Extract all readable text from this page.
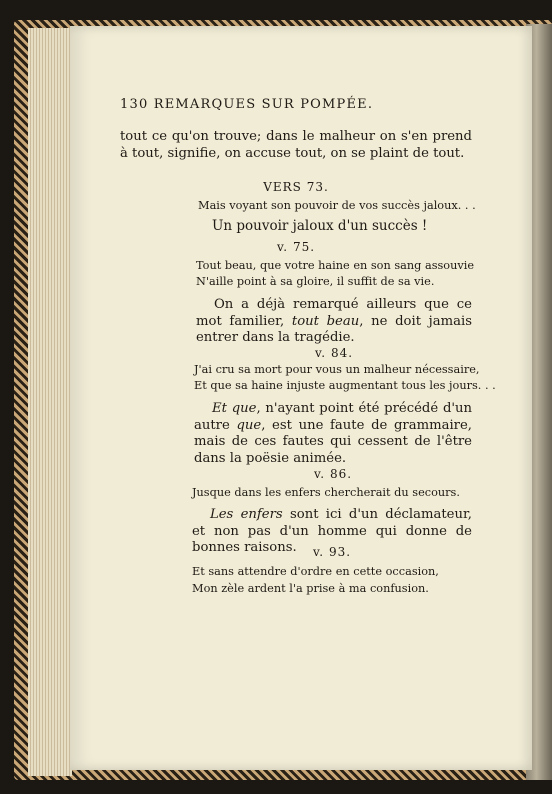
130 REMARQUES SUR POMPÉE.
tout ce qu'on trouve; dans le malheur on s'en prend à tout, signifie, on accuse tout, on se plaint de tout.
VERS 73.
Mais voyant son pouvoir de vos succès jaloux. . .
Un pouvoir jaloux d'un succès !
v. 75.
Tout beau, que votre haine en son sang assouvie
N'aille point à sa gloire, il suffit de sa vie.
On a déjà remarqué ailleurs que ce mot familier, tout beau, ne doit jamais entrer dans la tragédie.
v. 84.
J'ai cru sa mort pour vous un malheur nécessaire,
Et que sa haine injuste augmentant tous les jours. . .
Et que, n'ayant point été précédé d'un autre que, est une faute de grammaire, mais de ces fautes qui cessent de l'être dans la poësie animée.
v. 86.
Jusque dans les enfers chercherait du secours.
Les enfers sont ici d'un déclamateur, et non pas d'un homme qui donne de bonnes raisons.	v. 93.
Et sans attendre d'ordre en cette occasion,
Mon zèle ardent l'a prise à ma confusion.
